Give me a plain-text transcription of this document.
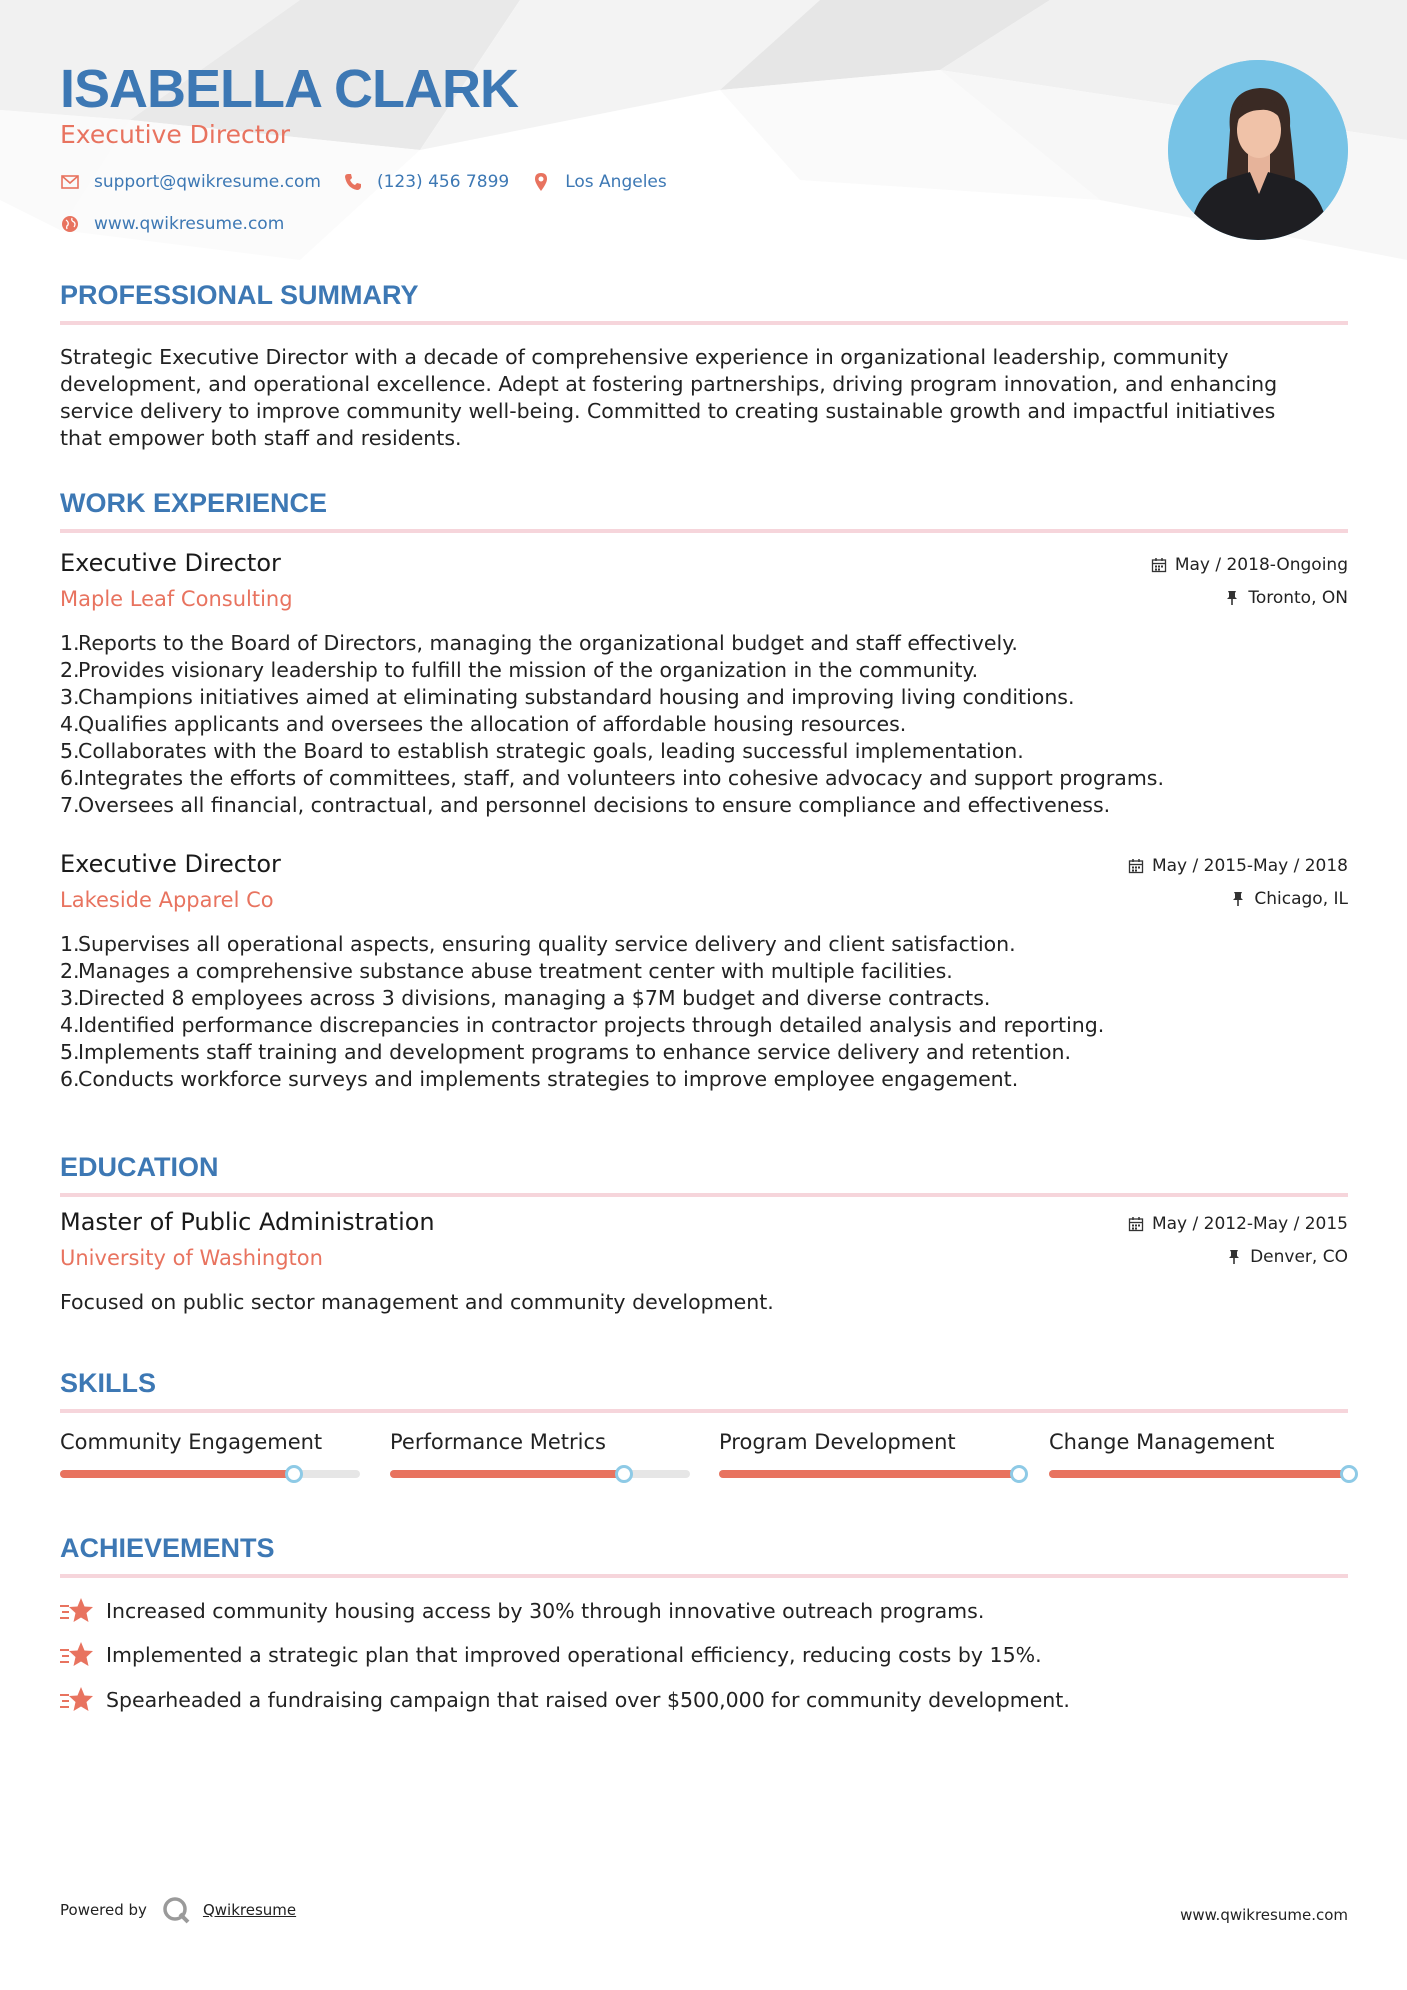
ISABELLA CLARK
Executive Director
support@qwikresume.com	(123) 456 7899	Los Angeles
www.qwikresume.com
PROFESSIONAL SUMMARY
Strategic Executive Director with a decade of comprehensive experience in organizational leadership, community
development, and operational excellence. Adept at fostering partnerships, driving program innovation, and enhancing
service delivery to improve community well-being. Committed to creating sustainable growth and impactful initiatives
that empower both staff and residents.
WORK EXPERIENCE
Executive Director
Maple Leaf Consulting
May / 2018-Ongoing
Toronto, ON
1.
Reports to the Board of Directors, managing the organizational budget and staff effectively.
2.
Provides visionary leadership to fulfill the mission of the organization in the community.
3.
Champions initiatives aimed at eliminating substandard housing and improving living conditions.
4.
Qualifies applicants and oversees the allocation of affordable housing resources.
5.
Collaborates with the Board to establish strategic goals, leading successful implementation.
6.
Integrates the efforts of committees, staff, and volunteers into cohesive advocacy and support programs.
7.
Oversees all financial, contractual, and personnel decisions to ensure compliance and effectiveness.
Executive Director
Lakeside Apparel Co
May / 2015-May / 2018
Chicago, IL
1.
Supervises all operational aspects, ensuring quality service delivery and client satisfaction.
2.
Manages a comprehensive substance abuse treatment center with multiple facilities.
3.
Directed 8 employees across 3 divisions, managing a $7M budget and diverse contracts.
4.
Identified performance discrepancies in contractor projects through detailed analysis and reporting.
5.
Implements staff training and development programs to enhance service delivery and retention.
6.
Conducts workforce surveys and implements strategies to improve employee engagement.
EDUCATION
Master of Public Administration
University of Washington
May / 2012-May / 2015
Denver, CO
Focused on public sector management and community development.
SKILLS
Community Engagement	Performance Metrics	Program Development	Change Management
ACHIEVEMENTS
Increased community housing access by 30% through innovative outreach programs.
Implemented a strategic plan that improved operational efficiency, reducing costs by 15%.
Spearheaded a fundraising campaign that raised over $500,000 for community development.
Powered by	Qwikresume	www.qwikresume.com
